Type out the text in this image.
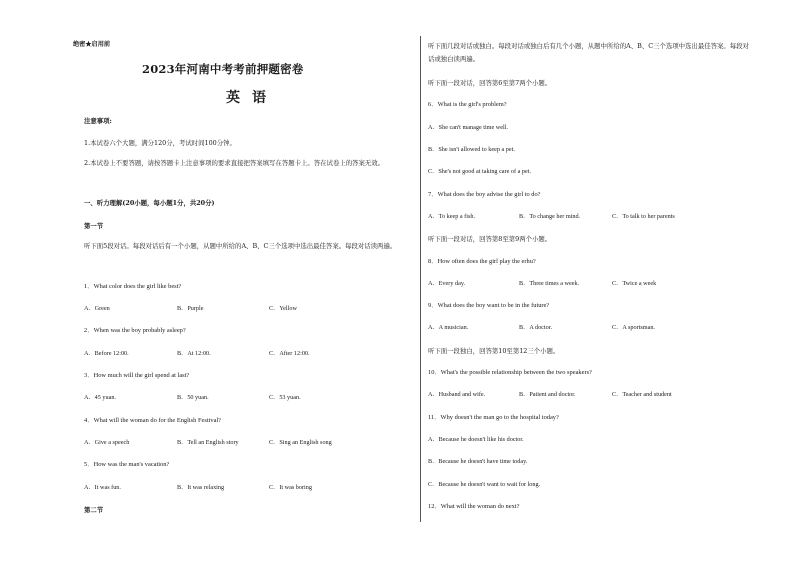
绝密★启用前
2023年河南中考考前押题密卷
英语
注意事项:
1.本试卷六个大题，满分120分，考试时间100分钟。
2.本试卷上不要答题，请按答题卡上注意事项的要求直接把答案填写在答题卡上。答在试卷上的答案无效。
一、听力理解(20小题，每小题1分，共20分)
第一节
听下面5段对话。每段对话后有一个小题，从题中所给的A、B、C三个选项中选出最佳答案。每段对话读两遍。
1．What color does the girl like best?
A．Green	B．Purple	C．Yellow
2．When was the boy probably asleep?
A．Before 12:00.	B．At 12:00.	C．After 12:00.
3．How much will the girl spend at last?
A．45 yuan.	B．50 yuan.	C．53 yuan.
4．What will the woman do for the English Festival?
A．Give a speech	B．Tell an English story	C．Sing an English song
5．How was the man's vacation?
A．It was fun.	B．It was relaxing	C．It was boring
第二节
听下面几段对话或独白。每段对话或独白后有几个小题，从题中所给的A、B、C三个选项中选出最佳答案。每段对话或独白读两遍。
听下面一段对话，回答第6至第7两个小题。
6．What is the girl's problem?
A．She can't manage time well.
B．She isn't allowed to keep a pet.
C．She's not good at taking care of a pet.
7．What does the boy advise the girl to do?
A．To keep a fish.	B．To change her mind.	C．To talk to her parents
听下面一段对话，回答第8至第9两个小题。
8．How often does the girl play the erhu?
A．Every day.	B．Three times a week.	C．Twice a week
9．What does the boy want to be in the future?
A．A musician.	B．A doctor.	C．A sportsman.
听下面一段独白，回答第10至第12三个小题。
10．What's the possible relationship between the two speakers?
A．Husband and wife.	B．Patient and doctor.	C．Teacher and student
11．Why doesn't the man go to the hospital today?
A．Because he doesn't like his doctor.
B．Because he doesn't have time today.
C．Because he doesn't want to wait for long.
12．What will the woman do next?
